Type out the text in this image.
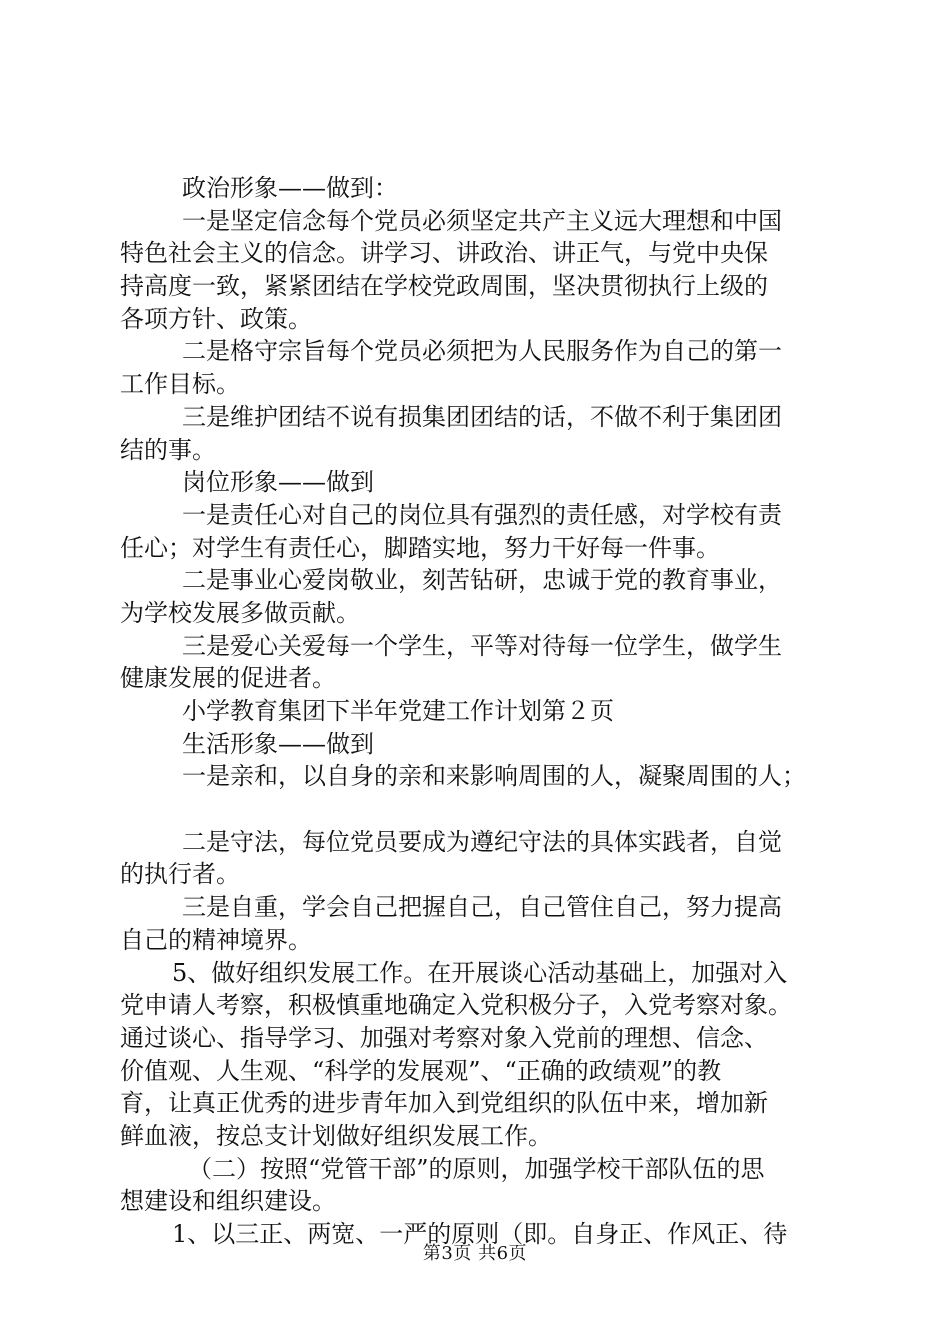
政治形象——做到：
一是坚定信念每个党员必须坚定共产主义远大理想和中国
特色社会主义的信念。讲学习、讲政治、讲正气，与党中央保
持高度一致，紧紧团结在学校党政周围，坚决贯彻执行上级的
各项方针、政策。
二是格守宗旨每个党员必须把为人民服务作为自己的第一
工作目标。
三是维护团结不说有损集团团结的话，不做不利于集团团
结的事。
岗位形象——做到
一是责任心对自己的岗位具有强烈的责任感，对学校有责
任心；对学生有责任心，脚踏实地，努力干好每一件事。
二是事业心爱岗敬业，刻苦钻研，忠诚于党的教育事业，
为学校发展多做贡献。
三是爱心关爱每一个学生，平等对待每一位学生，做学生
健康发展的促进者。
小学教育集团下半年党建工作计划第２页
生活形象——做到
一是亲和，以自身的亲和来影响周围的人，凝聚周围的人；
二是守法，每位党员要成为遵纪守法的具体实践者，自觉
的执行者。
三是自重，学会自己把握自己，自己管住自己，努力提高
自己的精神境界。
5、做好组织发展工作。在开展谈心活动基础上，加强对入
党申请人考察，积极慎重地确定入党积极分子，入党考察对象。
通过谈心、指导学习、加强对考察对象入党前的理想、信念、
价值观、人生观、“科学的发展观”、“正确的政绩观”的教
育，让真正优秀的进步青年加入到党组织的队伍中来，增加新
鲜血液，按总支计划做好组织发展工作。
（二）按照“党管干部”的原则，加强学校干部队伍的思
想建设和组织建设。
1、以三正、两宽、一严的原则（即。自身正、作风正、待
第3页 共6页
